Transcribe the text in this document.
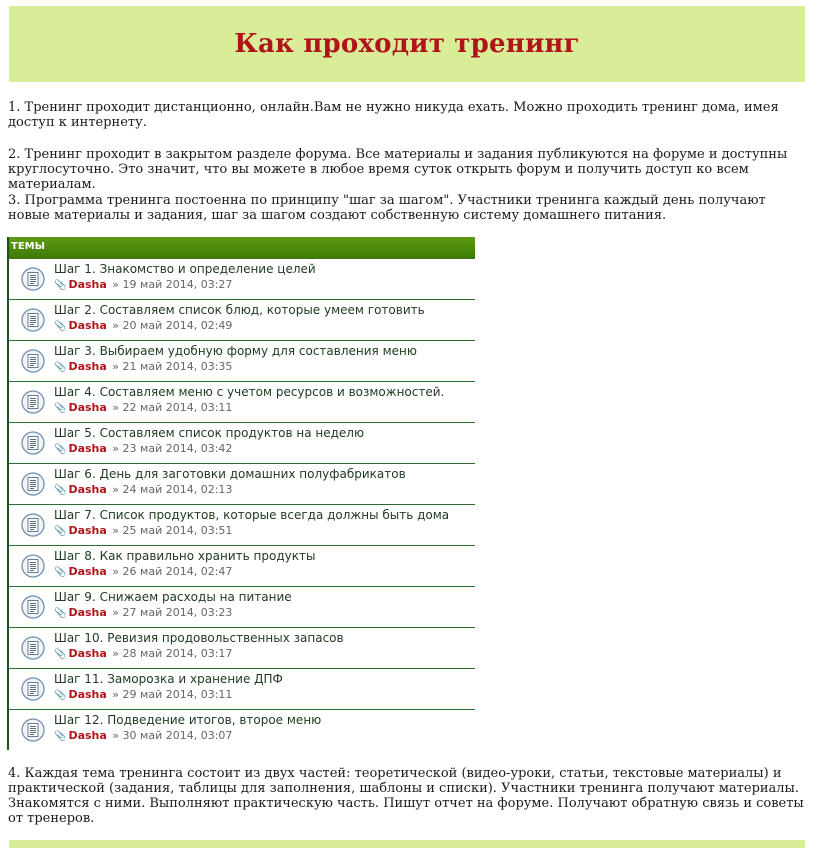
Как проходит тренинг
1. Тренинг проходит дистанционно, онлайн.Вам не нужно никуда ехать. Можно проходить тренинг дома, имея доступ к интернету.
2. Тренинг проходит в закрытом разделе форума. Все материалы и задания публикуются на форуме и доступны круглосуточно. Это значит, что вы можете в любое время суток открыть форум и получить доступ ко всем материалам.
3. Программа тренинга постоенна по принципу "шаг за шагом". Участники тренинга каждый день получают новые материалы и задания, шаг за шагом создают собственную систему домашнего питания.
ТЕМЫ
Шаг 1. Знакомство и определение целей
📎 Dasha » 19 май 2014, 03:27
Шаг 2. Составляем список блюд, которые умеем готовить
📎 Dasha » 20 май 2014, 02:49
Шаг 3. Выбираем удобную форму для составления меню
📎 Dasha » 21 май 2014, 03:35
Шаг 4. Составляем меню с учетом ресурсов и возможностей.
📎 Dasha » 22 май 2014, 03:11
Шаг 5. Составляем список продуктов на неделю
📎 Dasha » 23 май 2014, 03:42
Шаг 6. День для заготовки домашних полуфабрикатов
📎 Dasha » 24 май 2014, 02:13
Шаг 7. Список продуктов, которые всегда должны быть дома
📎 Dasha » 25 май 2014, 03:51
Шаг 8. Как правильно хранить продукты
📎 Dasha » 26 май 2014, 02:47
Шаг 9. Снижаем расходы на питание
📎 Dasha » 27 май 2014, 03:23
Шаг 10. Ревизия продовольственных запасов
📎 Dasha » 28 май 2014, 03:17
Шаг 11. Заморозка и хранение ДПФ
📎 Dasha » 29 май 2014, 03:11
Шаг 12. Подведение итогов, второе меню
📎 Dasha » 30 май 2014, 03:07
4. Каждая тема тренинга состоит из двух частей: теоретической (видео-уроки, статьи, текстовые материалы) и практической (задания, таблицы для заполнения, шаблоны и списки). Участники тренинга получают материалы. Знакомятся с ними. Выполняют практическую часть. Пишут отчет на форуме. Получают обратную связь и советы от тренеров.
